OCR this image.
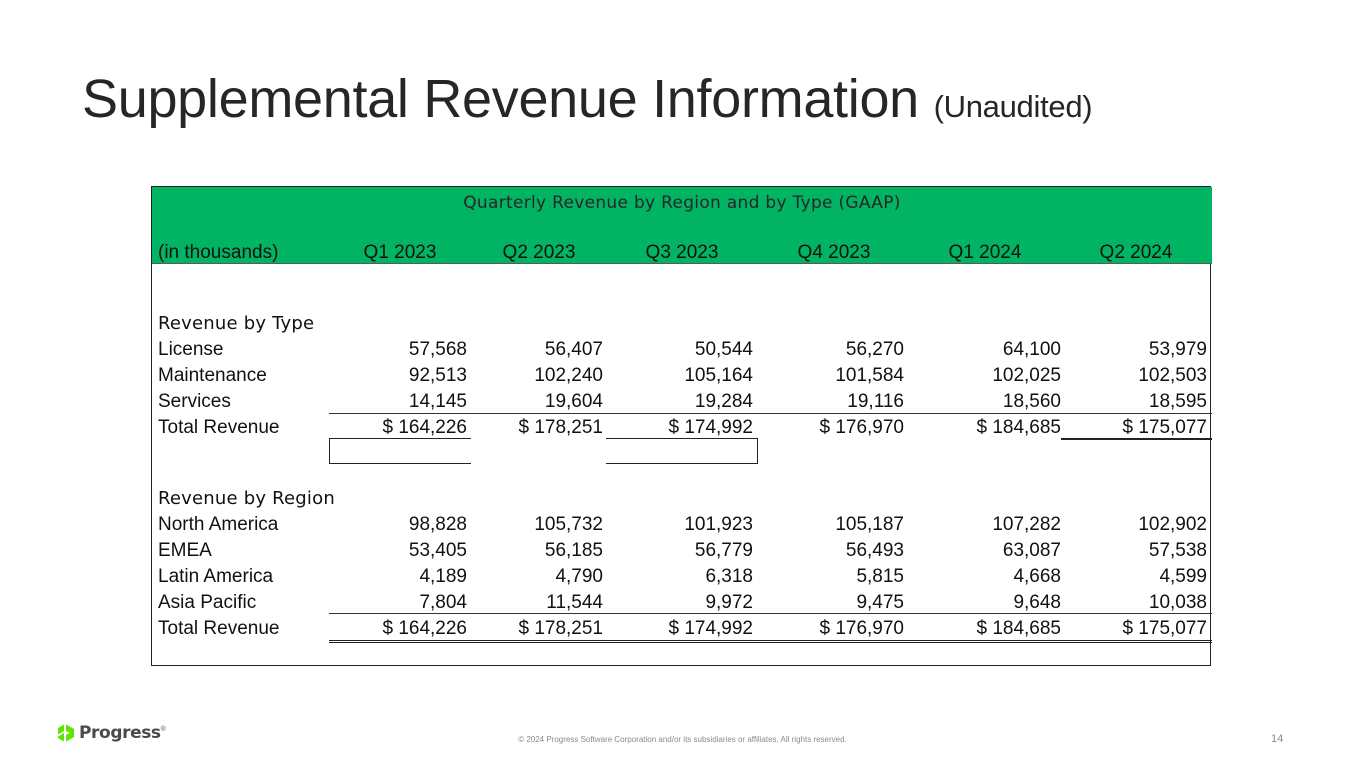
Supplemental Revenue Information (Unaudited)
Quarterly Revenue by Region and by Type (GAAP)
(in thousands)	Q1 2023	Q2 2023	Q3 2023	Q4 2023	Q1 2024	Q2 2024
Revenue by Type
License	57,568	56,407	50,544	56,270	64,100	53,979
Maintenance	92,513	102,240	105,164	101,584	102,025	102,503
Services	14,145	19,604	19,284	19,116	18,560	18,595
Total Revenue	$ 164,226	$ 178,251	$ 174,992	$ 176,970	$ 184,685	$ 175,077
Revenue by Region
North America	98,828	105,732	101,923	105,187	107,282	102,902
EMEA	53,405	56,185	56,779	56,493	63,087	57,538
Latin America	4,189	4,790	6,318	5,815	4,668	4,599
Asia Pacific	7,804	11,544	9,972	9,475	9,648	10,038
Total Revenue	$ 164,226	$ 178,251	$ 174,992	$ 176,970	$ 184,685	$ 175,077
Progress ®
© 2024 Progress Software Corporation and/or its subsidiaries or affiliates. All rights reserved.	14
